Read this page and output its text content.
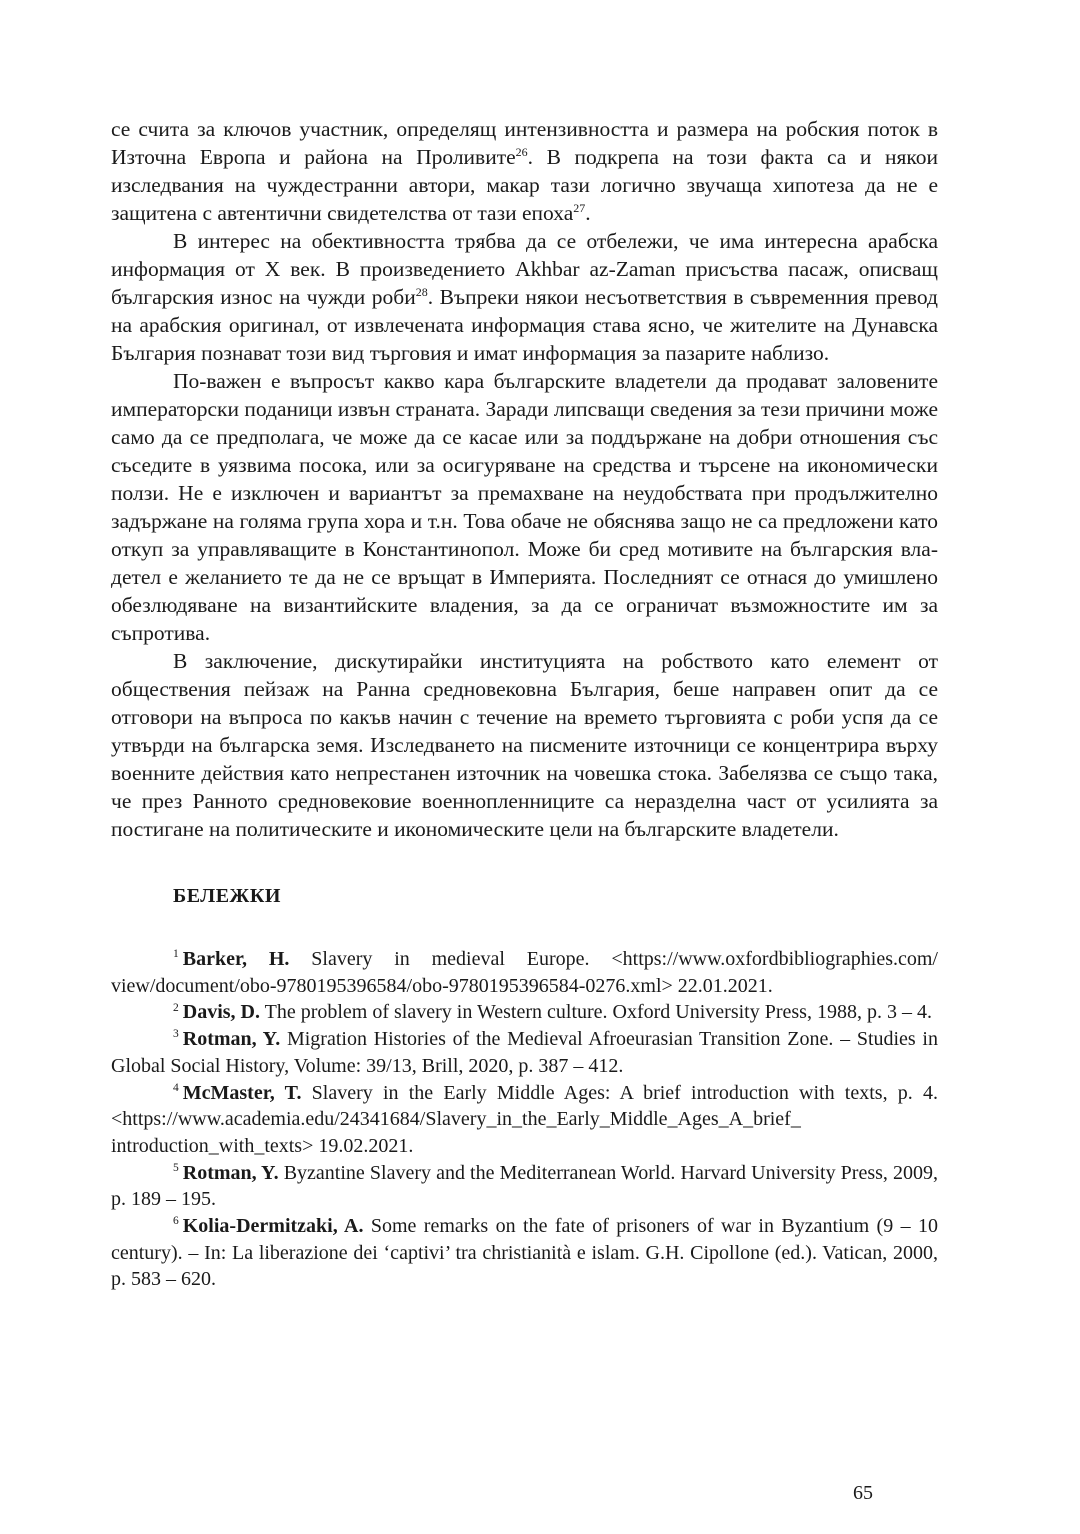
се счита за ключов участник, определящ интензивността и размера на робския поток в Източна Европа и района на Проливите$^{26}$. В подкрепа на този факта са и някои изследвания на чуждестранни автори, макар тази логично звучаща хипотеза да не е защитена с автентични свидетелства от тази епоха$^{27}$.

В интерес на обективността трябва да се отбележи, че има интересна арабска информация от X век. В произведението Akhbar az-Zaman присъства пасаж, описващ българския износ на чужди роби$^{28}$. Въпреки някои несъответствия в съвременния превод на арабския оригинал, от извлечената информация става ясно, че жителите на Дунавска България познават този вид търговия и имат информация за пазарите наблизо.

По-важен е въпросът какво кара българските владетели да продават заловените императорски поданици извън страната. Заради липсващи сведения за тези причини може само да се предполага, че може да се касае или за поддържане на добри отношения със съседите в уязвима посока, или за осигуряване на средства и търсене на икономически ползи. Не е изключен и вариантът за премахване на неудобствата при продължително задържане на голяма група хора и т.н. Това обаче не обяснява защо не са предложени като откуп за управляващите в Константинопол. Може би сред мотивите на българския владетел е желанието те да не се връщат в Империята. Последният се отнася до умишлено обезлюдяване на византийските владения, за да се ограничат възможностите им за съпротива.

В заключение, дискутирайки институцията на робството като елемент от обществения пейзаж на Ранна средновековна България, беше направен опит да се отговори на въпроса по какъв начин с течение на времето търговията с роби успя да се утвърди на българска земя. Изследването на писмените източници се концентрира върху военните действия като непрестанен източник на човешка стока. Забелязва се също така, че през Ранното средновековие военнопленниците са неразделна част от усилията за постигане на политическите и икономическите цели на българските владетели.

БЕЛЕЖКИ

$^1$ Barker, H. Slavery in medieval Europe. <https://www.oxfordbibliographies.com/ view/document/obo-9780195396584/obo-9780195396584-0276.xml> 22.01.2021.

$^2$ Davis, D. The problem of slavery in Western culture. Oxford University Press, 1988, p. 3 – 4.

$^3$ Rotman, Y. Migration Histories of the Medieval Afroeurasian Transition Zone. – Studies in Global Social History, Volume: 39/13, Brill, 2020, p. 387 – 412.

$^4$ McMaster, T. Slavery in the Early Middle Ages: A brief introduction with texts, p. 4. <https://www.academia.edu/24341684/Slavery_in_the_Early_Middle_Ages_A_brief_ introduction_with_texts> 19.02.2021.

$^5$ Rotman, Y. Byzantine Slavery and the Mediterranean World. Harvard University Press, 2009, p. 189 – 195.

$^6$ Kolia-Dermitzaki, A. Some remarks on the fate of prisoners of war in Byzantium (9 – 10 century). – In: La liberazione dei ‘captivi’ tra christianità e islam. G.H. Cipollone (ed.). Vatican, 2000, p. 583 – 620.

65
